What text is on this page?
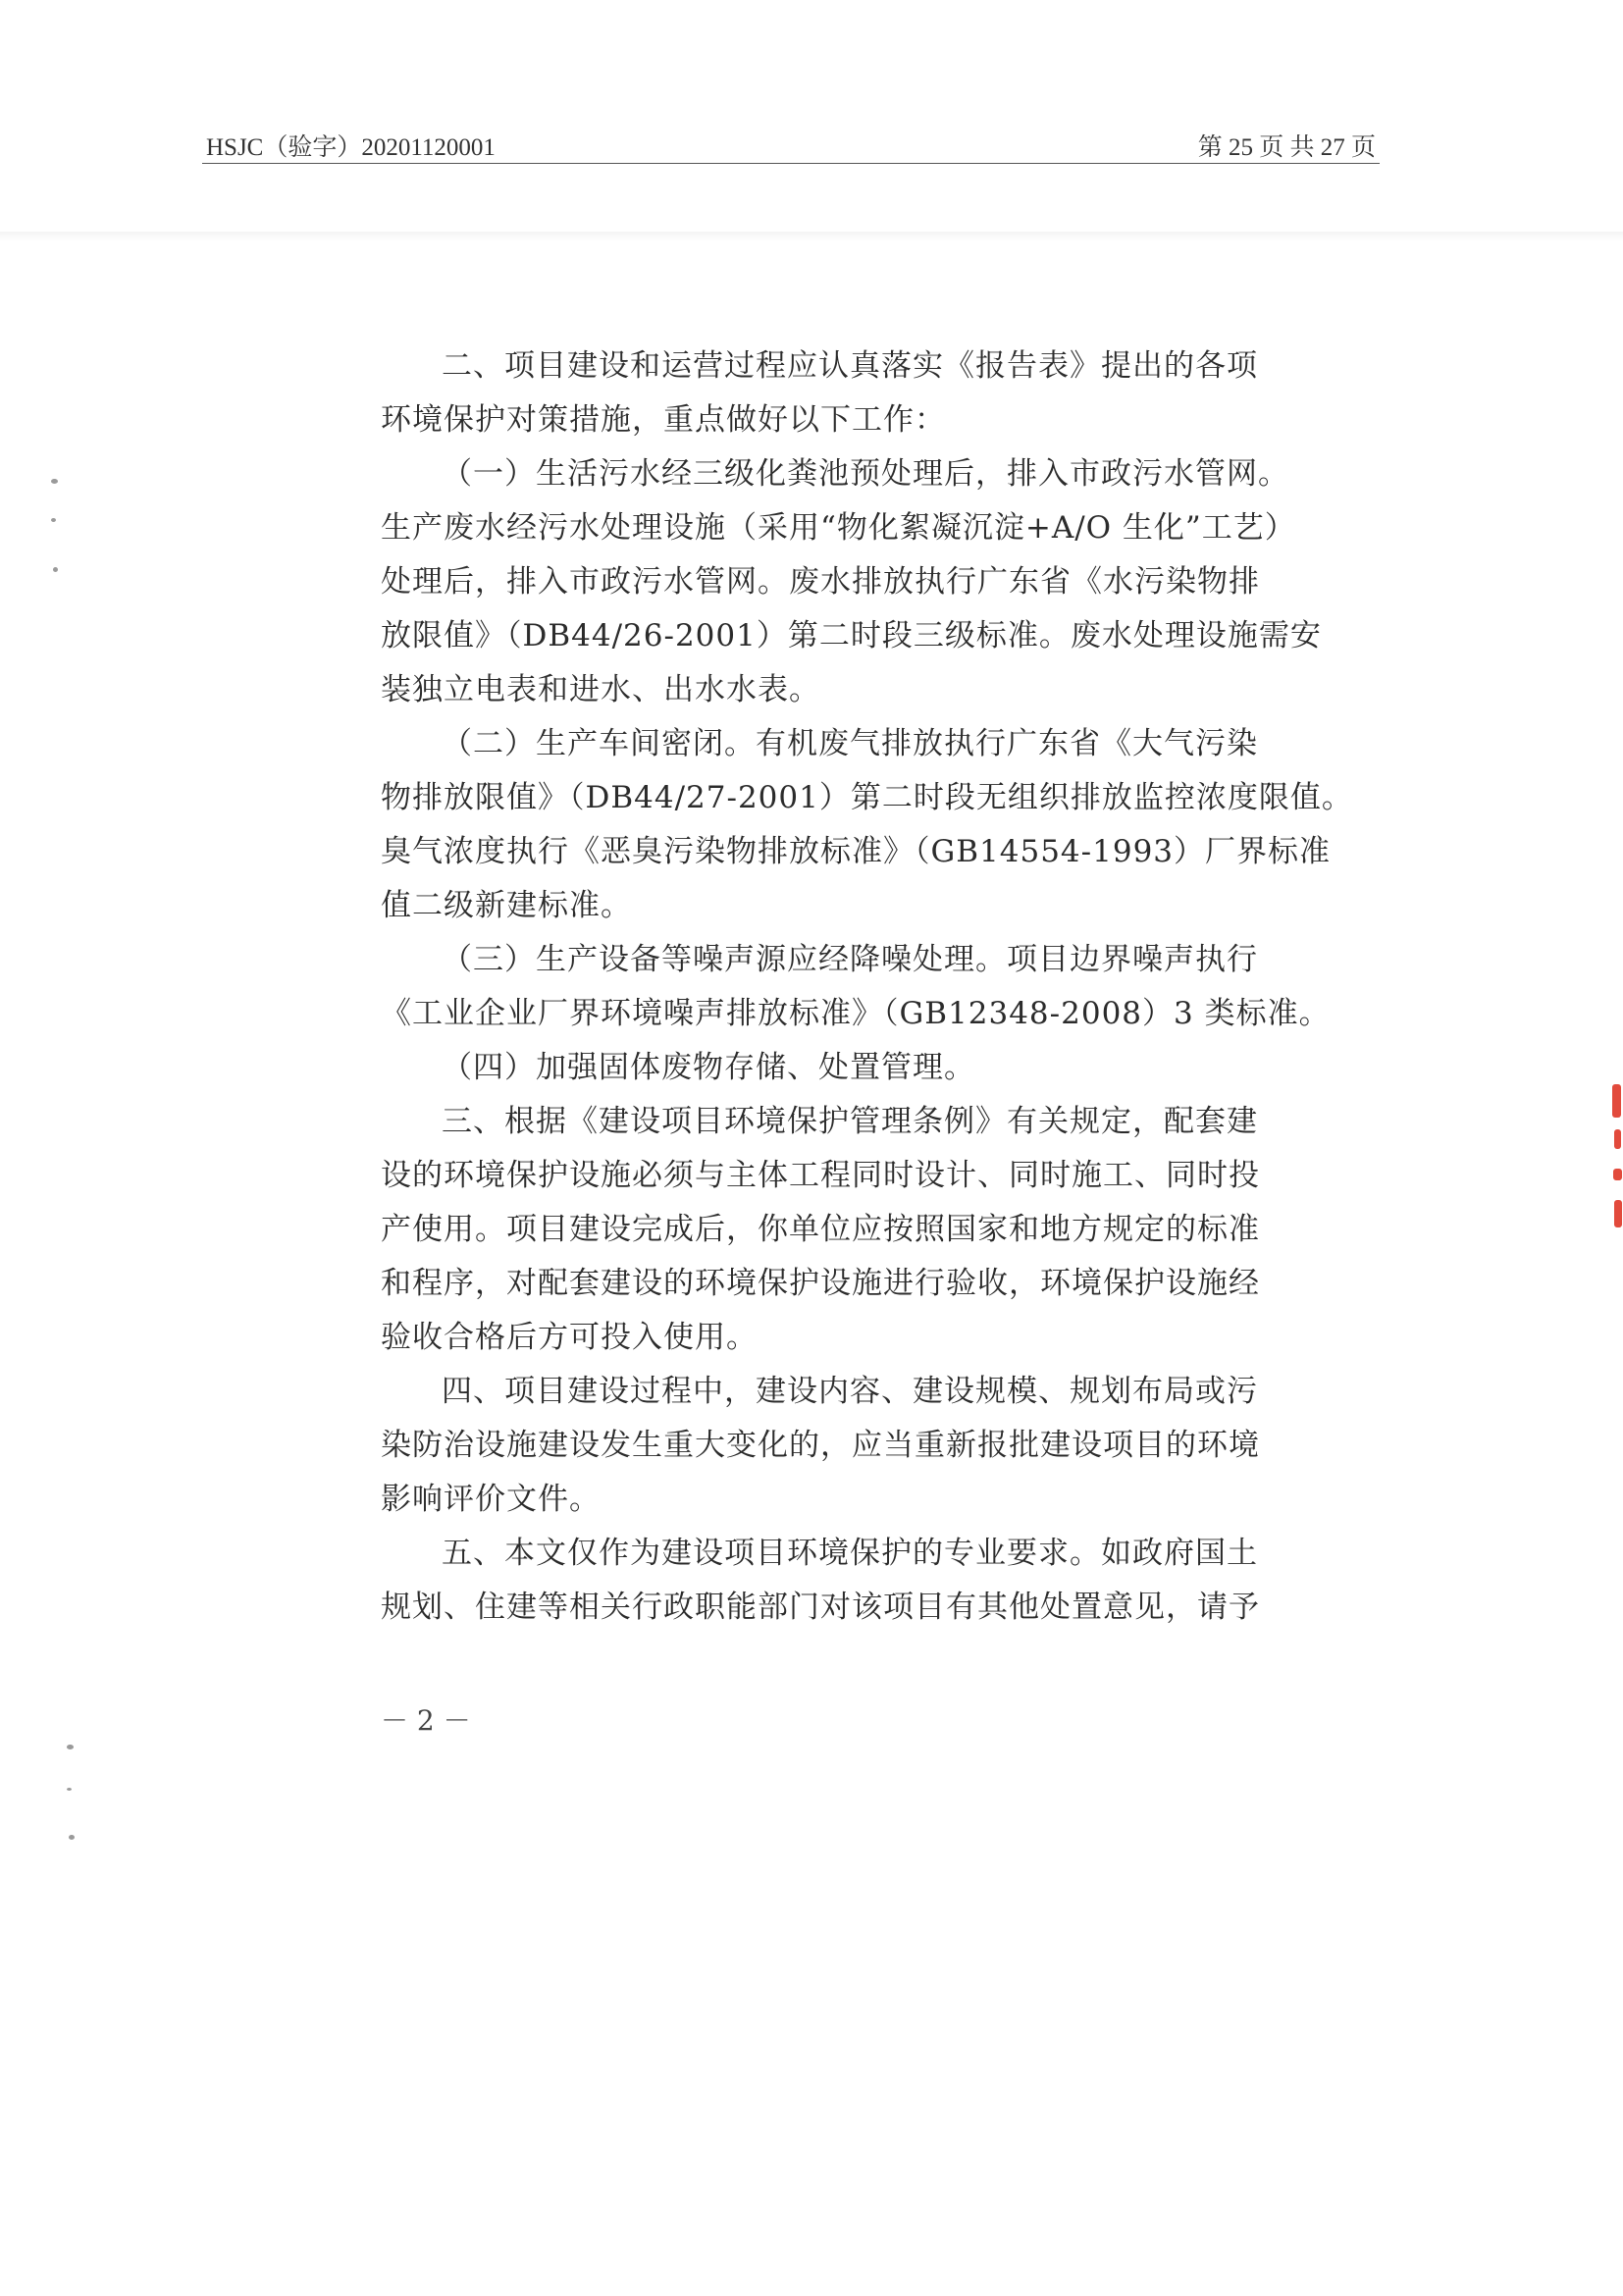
HSJC（验字）20201120001	第 25 页 共 27 页
二、项目建设和运营过程应认真落实《报告表》提出的各项
环境保护对策措施，重点做好以下工作：
（一）生活污水经三级化粪池预处理后，排入市政污水管网。
生产废水经污水处理设施（采用“物化絮凝沉淀+A/O 生化”工艺）
处理后，排入市政污水管网。废水排放执行广东省《水污染物排
放限值》（DB44/26-2001）第二时段三级标准。废水处理设施需安
装独立电表和进水、出水水表。
（二）生产车间密闭。有机废气排放执行广东省《大气污染
物排放限值》（DB44/27-2001）第二时段无组织排放监控浓度限值。
臭气浓度执行《恶臭污染物排放标准》（GB14554-1993）厂界标准
值二级新建标准。
（三）生产设备等噪声源应经降噪处理。项目边界噪声执行
《工业企业厂界环境噪声排放标准》（GB12348-2008）3 类标准。
（四）加强固体废物存储、处置管理。
三、根据《建设项目环境保护管理条例》有关规定，配套建
设的环境保护设施必须与主体工程同时设计、同时施工、同时投
产使用。项目建设完成后，你单位应按照国家和地方规定的标准
和程序，对配套建设的环境保护设施进行验收，环境保护设施经
验收合格后方可投入使用。
四、项目建设过程中，建设内容、建设规模、规划布局或污
染防治设施建设发生重大变化的，应当重新报批建设项目的环境
影响评价文件。
五、本文仅作为建设项目环境保护的专业要求。如政府国土
规划、住建等相关行政职能部门对该项目有其他处置意见，请予
－ 2 －
